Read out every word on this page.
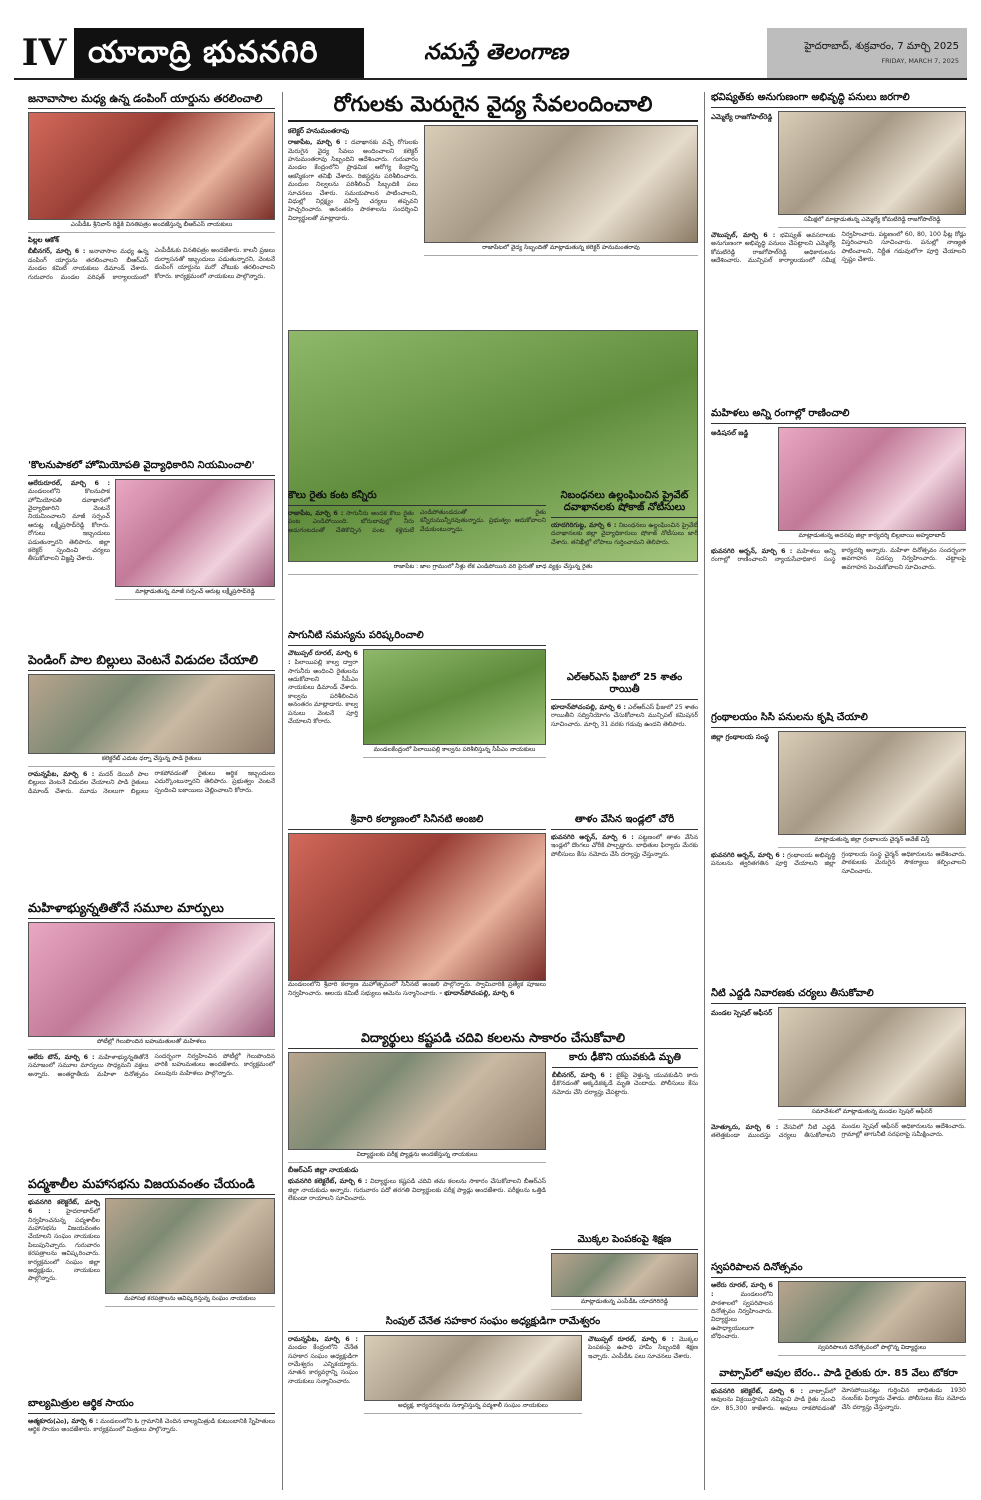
IV యాదాద్రి భువనగిరి	నమస్తే తెలంగాణ	హైదరాబాద్, శుక్రవారం, 7 మార్చి 2025
FRIDAY, MARCH 7, 2025
జనావాసాల మధ్య ఉన్న డంపింగ్ యార్డును తరలించాలి
ఎంపీడీఓ శ్రీనివాస్ రెడ్డికి వినతిపత్రం అందజేస్తున్న బీఆర్ఎస్ నాయకులు
పిల్లల ఆకోశ్

బీబీనగర్, మార్చి 6 : జనావాసాల మధ్య ఉన్న డంపింగ్ యార్డును తరలించాలని బీఆర్ఎస్ మండల కమిటీ నాయకులు డిమాండ్ చేశారు. గురువారం మండల పరిషత్ కార్యాలయంలో ఎంపీడీఓకు వినతిపత్రం అందజేశారు. కాలనీ ప్రజలు దుర్వాసనతో ఇబ్బందులు పడుతున్నారని, వెంటనే డంపింగ్ యార్డును మరో చోటుకు తరలించాలని కోరారు. కార్యక్రమంలో నాయకులు పాల్గొన్నారు.

'కొలనుపాకలో హోమియోపతి వైద్యాధికారిని నియమించాలి'

ఆలేరురూరల్, మార్చి 6 : మండలంలోని కొలనుపాక హోమియోపతి దవాఖానలో వైద్యాధికారిని వెంటనే నియమించాలని మాజీ సర్పంచ్ ఆరుట్ల లక్ష్మీప్రసాద్‌రెడ్డి కోరారు. రోగులు ఇబ్బందులు పడుతున్నారని తెలిపారు. జిల్లా కలెక్టర్ స్పందించి చర్యలు తీసుకోవాలని విజ్ఞప్తి చేశారు.

మాట్లాడుతున్న మాజీ సర్పంచ్ ఆరుట్ల లక్ష్మీప్రసాద్‌రెడ్డి
పెండింగ్ పాల బిల్లులు వెంటనే విడుదల చేయాలి
కలెక్టరేట్ ఎదుట ధర్నా చేస్తున్న పాడి రైతులు

రామన్నపేట, మార్చి 6 : మదర్ డెయిరీ పాల బిల్లులు వెంటనే విడుదల చేయాలని పాడి రైతులు డిమాండ్ చేశారు. మూడు నెలలుగా బిల్లులు రాకపోవడంతో రైతులు ఆర్థిక ఇబ్బందులు ఎదుర్కొంటున్నారని తెలిపారు. ప్రభుత్వం వెంటనే స్పందించి బకాయిలు చెల్లించాలని కోరారు.

మహిళాభ్యున్నతితోనే సమూల మార్పులు
పోటీల్లో గెలుపొందిన బహుమతులతో మహిళలు

ఆలేరు టౌన్, మార్చి 6 : మహిళాభ్యున్నతితోనే సమాజంలో సమూల మార్పులు సాధ్యమని వక్తలు అన్నారు. అంతర్జాతీయ మహిళా దినోత్సవం సందర్భంగా నిర్వహించిన పోటీల్లో గెలుపొందిన వారికి బహుమతులు అందజేశారు. కార్యక్రమంలో పలువురు మహిళలు పాల్గొన్నారు.

పద్మశాలీల మహాసభను విజయవంతం చేయండి

భువనగిరి కలెక్టరేట్, మార్చి 6 : హైదరాబాద్‌లో నిర్వహించనున్న పద్మశాలీల మహాసభను విజయవంతం చేయాలని సంఘం నాయకులు పిలుపునిచ్చారు. గురువారం కరపత్రాలను ఆవిష్కరించారు. కార్యక్రమంలో సంఘం జిల్లా అధ్యక్షుడు, నాయకులు పాల్గొన్నారు.

మహాసభ కరపత్రాలను ఆవిష్కరిస్తున్న సంఘం నాయకులు
బాల్యమిత్రుల ఆర్థిక సాయం

ఆత్మకూరు(ఎం), మార్చి 6 : మండలంలోని ఓ గ్రామానికి చెందిన బాల్యమిత్రుడి కుటుంబానికి స్నేహితులు ఆర్థిక సాయం అందజేశారు. కార్యక్రమంలో మిత్రులు పాల్గొన్నారు.

రోగులకు మెరుగైన వైద్య సేవలందించాలి

కలెక్టర్ హనుమంతరావు

రాజాపేట, మార్చి 6 : దవాఖానకు వచ్చే రోగులకు మెరుగైన వైద్య సేవలు అందించాలని కలెక్టర్ హనుమంతరావు సిబ్బందిని ఆదేశించారు. గురువారం మండల కేంద్రంలోని ప్రాథమిక ఆరోగ్య కేంద్రాన్ని ఆకస్మికంగా తనిఖీ చేశారు. రిజిస్టర్లను పరిశీలించారు. మందుల నిల్వలను పరిశీలించి సిబ్బందికి పలు సూచనలు చేశారు. సమయపాలన పాటించాలని, విధుల్లో నిర్లక్ష్యం వహిస్తే చర్యలు తప్పవని హెచ్చరించారు. అనంతరం పాఠశాలను సందర్శించి విద్యార్థులతో మాట్లాడారు.

రాజాపేటలో వైద్య సిబ్బందితో మాట్లాడుతున్న కలెక్టర్ హనుమంతరావు
రాజాపేట : జాల గ్రామంలో నీళ్లు లేక ఎండిపోయిన వరి పైరుతో బాధ వ్యక్తం చేస్తున్న రైతు
కౌలు రైతు కంట కన్నీరు

రాజాపేట, మార్చి 6 : సాగునీరు అందక కౌలు రైతు పంట ఎండిపోయింది. బోరుబావుల్లో నీరు అడుగంటడంతో చేతికొచ్చిన పంట కళ్లెదుటే ఎండిపోతుండడంతో రైతు కన్నీరుమున్నీరవుతున్నాడు. ప్రభుత్వం ఆదుకోవాలని వేడుకుంటున్నాడు.

సాగునీటి సమస్యను పరిష్కరించాలి

చౌటుప్పల్ రూరల్, మార్చి 6 : పిలాయిపల్లి కాల్వ ద్వారా సాగునీరు అందించి రైతులను ఆదుకోవాలని సీపీఎం నాయకులు డిమాండ్ చేశారు. కాల్వను పరిశీలించిన అనంతరం మాట్లాడారు. కాల్వ పనులు వెంటనే పూర్తి చేయాలని కోరారు.

మండలకేంద్రంలో పిలాయిపల్లి కాల్వను పరిశీలిస్తున్న సీపీఎం నాయకులు
నిబంధనలు ఉల్లంఘించిన ప్రైవేట్ దవాఖానలకు షోకాజ్ నోటీసులు

యాదగిరిగుట్ట, మార్చి 6 : నిబంధనలు ఉల్లంఘించిన ప్రైవేట్ దవాఖానలకు జిల్లా వైద్యాధికారులు షోకాజ్ నోటీసులు జారీ చేశారు. తనిఖీల్లో లోపాలు గుర్తించామని తెలిపారు.

ఎల్ఆర్ఎస్ ఫీజులో 25 శాతం రాయితీ

భూదాన్‌పోచంపల్లి, మార్చి 6 : ఎల్ఆర్ఎస్ ఫీజులో 25 శాతం రాయితీని సద్వినియోగం చేసుకోవాలని మున్సిపల్ కమిషనర్ సూచించారు. మార్చి 31 వరకు గడువు ఉందని తెలిపారు.

శ్రీవారి కల్యాణంలో సినీనటి అంజలి

మండలంలోని శ్రీవారి కల్యాణ మహోత్సవంలో సినీనటి అంజలి పాల్గొన్నారు. స్వామివారికి ప్రత్యేక పూజలు నిర్వహించారు. ఆలయ కమిటీ సభ్యులు ఆమెను సన్మానించారు. - భూదాన్‌పోచంపల్లి, మార్చి 6

తాళం వేసిన ఇండ్లలో చోరీ

భువనగిరి అర్బన్, మార్చి 6 : పట్టణంలో తాళం వేసిన ఇండ్లలో దొంగలు చోరీకి పాల్పడ్డారు. బాధితుల ఫిర్యాదు మేరకు పోలీసులు కేసు నమోదు చేసి దర్యాప్తు చేస్తున్నారు.

విద్యార్థులు కష్టపడి చదివి కలలను సాకారం చేసుకోవాలి
విద్యార్థులకు పరీక్ష ప్యాడ్లను అందజేస్తున్న నాయకులు

బీఆర్ఎస్ జిల్లా నాయకుడు

భువనగిరి కలెక్టరేట్, మార్చి 6 : విద్యార్థులు కష్టపడి చదివి తమ కలలను సాకారం చేసుకోవాలని బీఆర్ఎస్ జిల్లా నాయకుడు అన్నారు. గురువారం పదో తరగతి విద్యార్థులకు పరీక్ష ప్యాడ్లు అందజేశారు. పరీక్షలను ఒత్తిడి లేకుండా రాయాలని సూచించారు.

కారు ఢీకొని యువకుడి మృతి

బీబీనగర్, మార్చి 6 : బైక్‌పై వెళ్తున్న యువకుడిని కారు ఢీకొనడంతో అక్కడికక్కడే మృతి చెందాడు. పోలీసులు కేసు నమోదు చేసి దర్యాప్తు చేపట్టారు.

మొక్కల పెంపకంపై శిక్షణ
మాట్లాడుతున్న ఎంపీడీఓ యాదగిరిరెడ్డి
సింపుల్ చేనేత సహకార సంఘం అధ్యక్షుడిగా రామేశ్వరం

రామన్నపేట, మార్చి 6 : మండల కేంద్రంలోని చేనేత సహకార సంఘం అధ్యక్షుడిగా రామేశ్వరం ఎన్నికయ్యారు. నూతన కార్యవర్గాన్ని సంఘం నాయకులు సన్మానించారు.

అధ్యక్ష, కార్యదర్శులను సన్మానిస్తున్న పద్మశాలీ సంఘం నాయకులు

చౌటుప్పల్ రూరల్, మార్చి 6 : మొక్కల పెంపకంపై ఉపాధి హామీ సిబ్బందికి శిక్షణ ఇచ్చారు. ఎంపీడీఓ పలు సూచనలు చేశారు.

భవిష్యత్‌కు అనుగుణంగా అభివృద్ధి పనులు జరగాలి

ఎమ్మెల్యే రాజగోపాల్‌రెడ్డి

సమీక్షలో మాట్లాడుతున్న ఎమ్మెల్యే కోమటిరెడ్డి రాజగోపాల్‌రెడ్డి

చౌటుప్పల్, మార్చి 6 : భవిష్యత్ అవసరాలకు అనుగుణంగా అభివృద్ధి పనులు చేపట్టాలని ఎమ్మెల్యే కోమటిరెడ్డి రాజగోపాల్‌రెడ్డి అధికారులను ఆదేశించారు. మున్సిపల్ కార్యాలయంలో సమీక్ష నిర్వహించారు. పట్టణంలో 60, 80, 100 ఫీట్ల రోడ్లు విస్తరించాలని సూచించారు. పనుల్లో నాణ్యత పాటించాలని, నిర్ణీత గడువులోగా పూర్తి చేయాలని స్పష్టం చేశారు.

మహిళలు అన్ని రంగాల్లో రాణించాలి

అడిషనల్ జడ్జి

మాట్లాడుతున్న అదనపు జిల్లా కార్యదర్శి బిల్లబాయి అహ్మదాబాద్

భువనగిరి అర్బన్, మార్చి 6 : మహిళలు అన్ని రంగాల్లో రాణించాలని న్యాయసేవాధికార సంస్థ కార్యదర్శి అన్నారు. మహిళా దినోత్సవం సందర్భంగా అవగాహన సదస్సు నిర్వహించారు. చట్టాలపై అవగాహన పెంచుకోవాలని సూచించారు.

గ్రంథాలయం సిసీ పనులను కృషి చేయాలి

జిల్లా గ్రంథాలయ సంస్థ

మాట్లాడుతున్న జిల్లా గ్రంథాలయ చైర్మన్ అవేజ్ చిస్తీ

భువనగిరి అర్బన్, మార్చి 6 : గ్రంథాలయ అభివృద్ధి పనులను త్వరితగతిన పూర్తి చేయాలని జిల్లా గ్రంథాలయ సంస్థ చైర్మన్ అధికారులను ఆదేశించారు. పాఠకులకు మెరుగైన సౌకర్యాలు కల్పించాలని సూచించారు.

నీటి ఎద్దడి నివారణకు చర్యలు తీసుకోవాలి

మండల స్పెషల్ ఆఫీసర్

సమావేశంలో మాట్లాడుతున్న మండల స్పెషల్ ఆఫీసర్

మోత్కూరు, మార్చి 6 : వేసవిలో నీటి ఎద్దడి తలెత్తకుండా ముందస్తు చర్యలు తీసుకోవాలని మండల స్పెషల్ ఆఫీసర్ అధికారులను ఆదేశించారు. గ్రామాల్లో తాగునీటి సరఫరాపై సమీక్షించారు.

స్వపరిపాలన దినోత్సవం

ఆలేరు రూరల్, మార్చి 6 :	మండలంలోని పాఠశాలలో స్వపరిపాలన దినోత్సవం నిర్వహించారు. విద్యార్థులు ఉపాధ్యాయులుగా బోధించారు.

స్వపరిపాలన దినోత్సవంలో పాల్గొన్న విద్యార్థులు
వాట్సాప్‌లో ఆవుల బేరం.. పాడి రైతుకు రూ. 85 వేలు టోకరా

భువనగిరి కలెక్టరేట్, మార్చి 6 : వాట్సాప్‌లో ఆవులను విక్రయిస్తామని నమ్మించి పాడి రైతు నుంచి రూ. 85,300 కాజేశారు. ఆవులు రాకపోవడంతో మోసపోయినట్లు గుర్తించిన బాధితుడు 1930 నంబర్‌కు ఫిర్యాదు చేశాడు. పోలీసులు కేసు నమోదు చేసి దర్యాప్తు చేస్తున్నారు.
